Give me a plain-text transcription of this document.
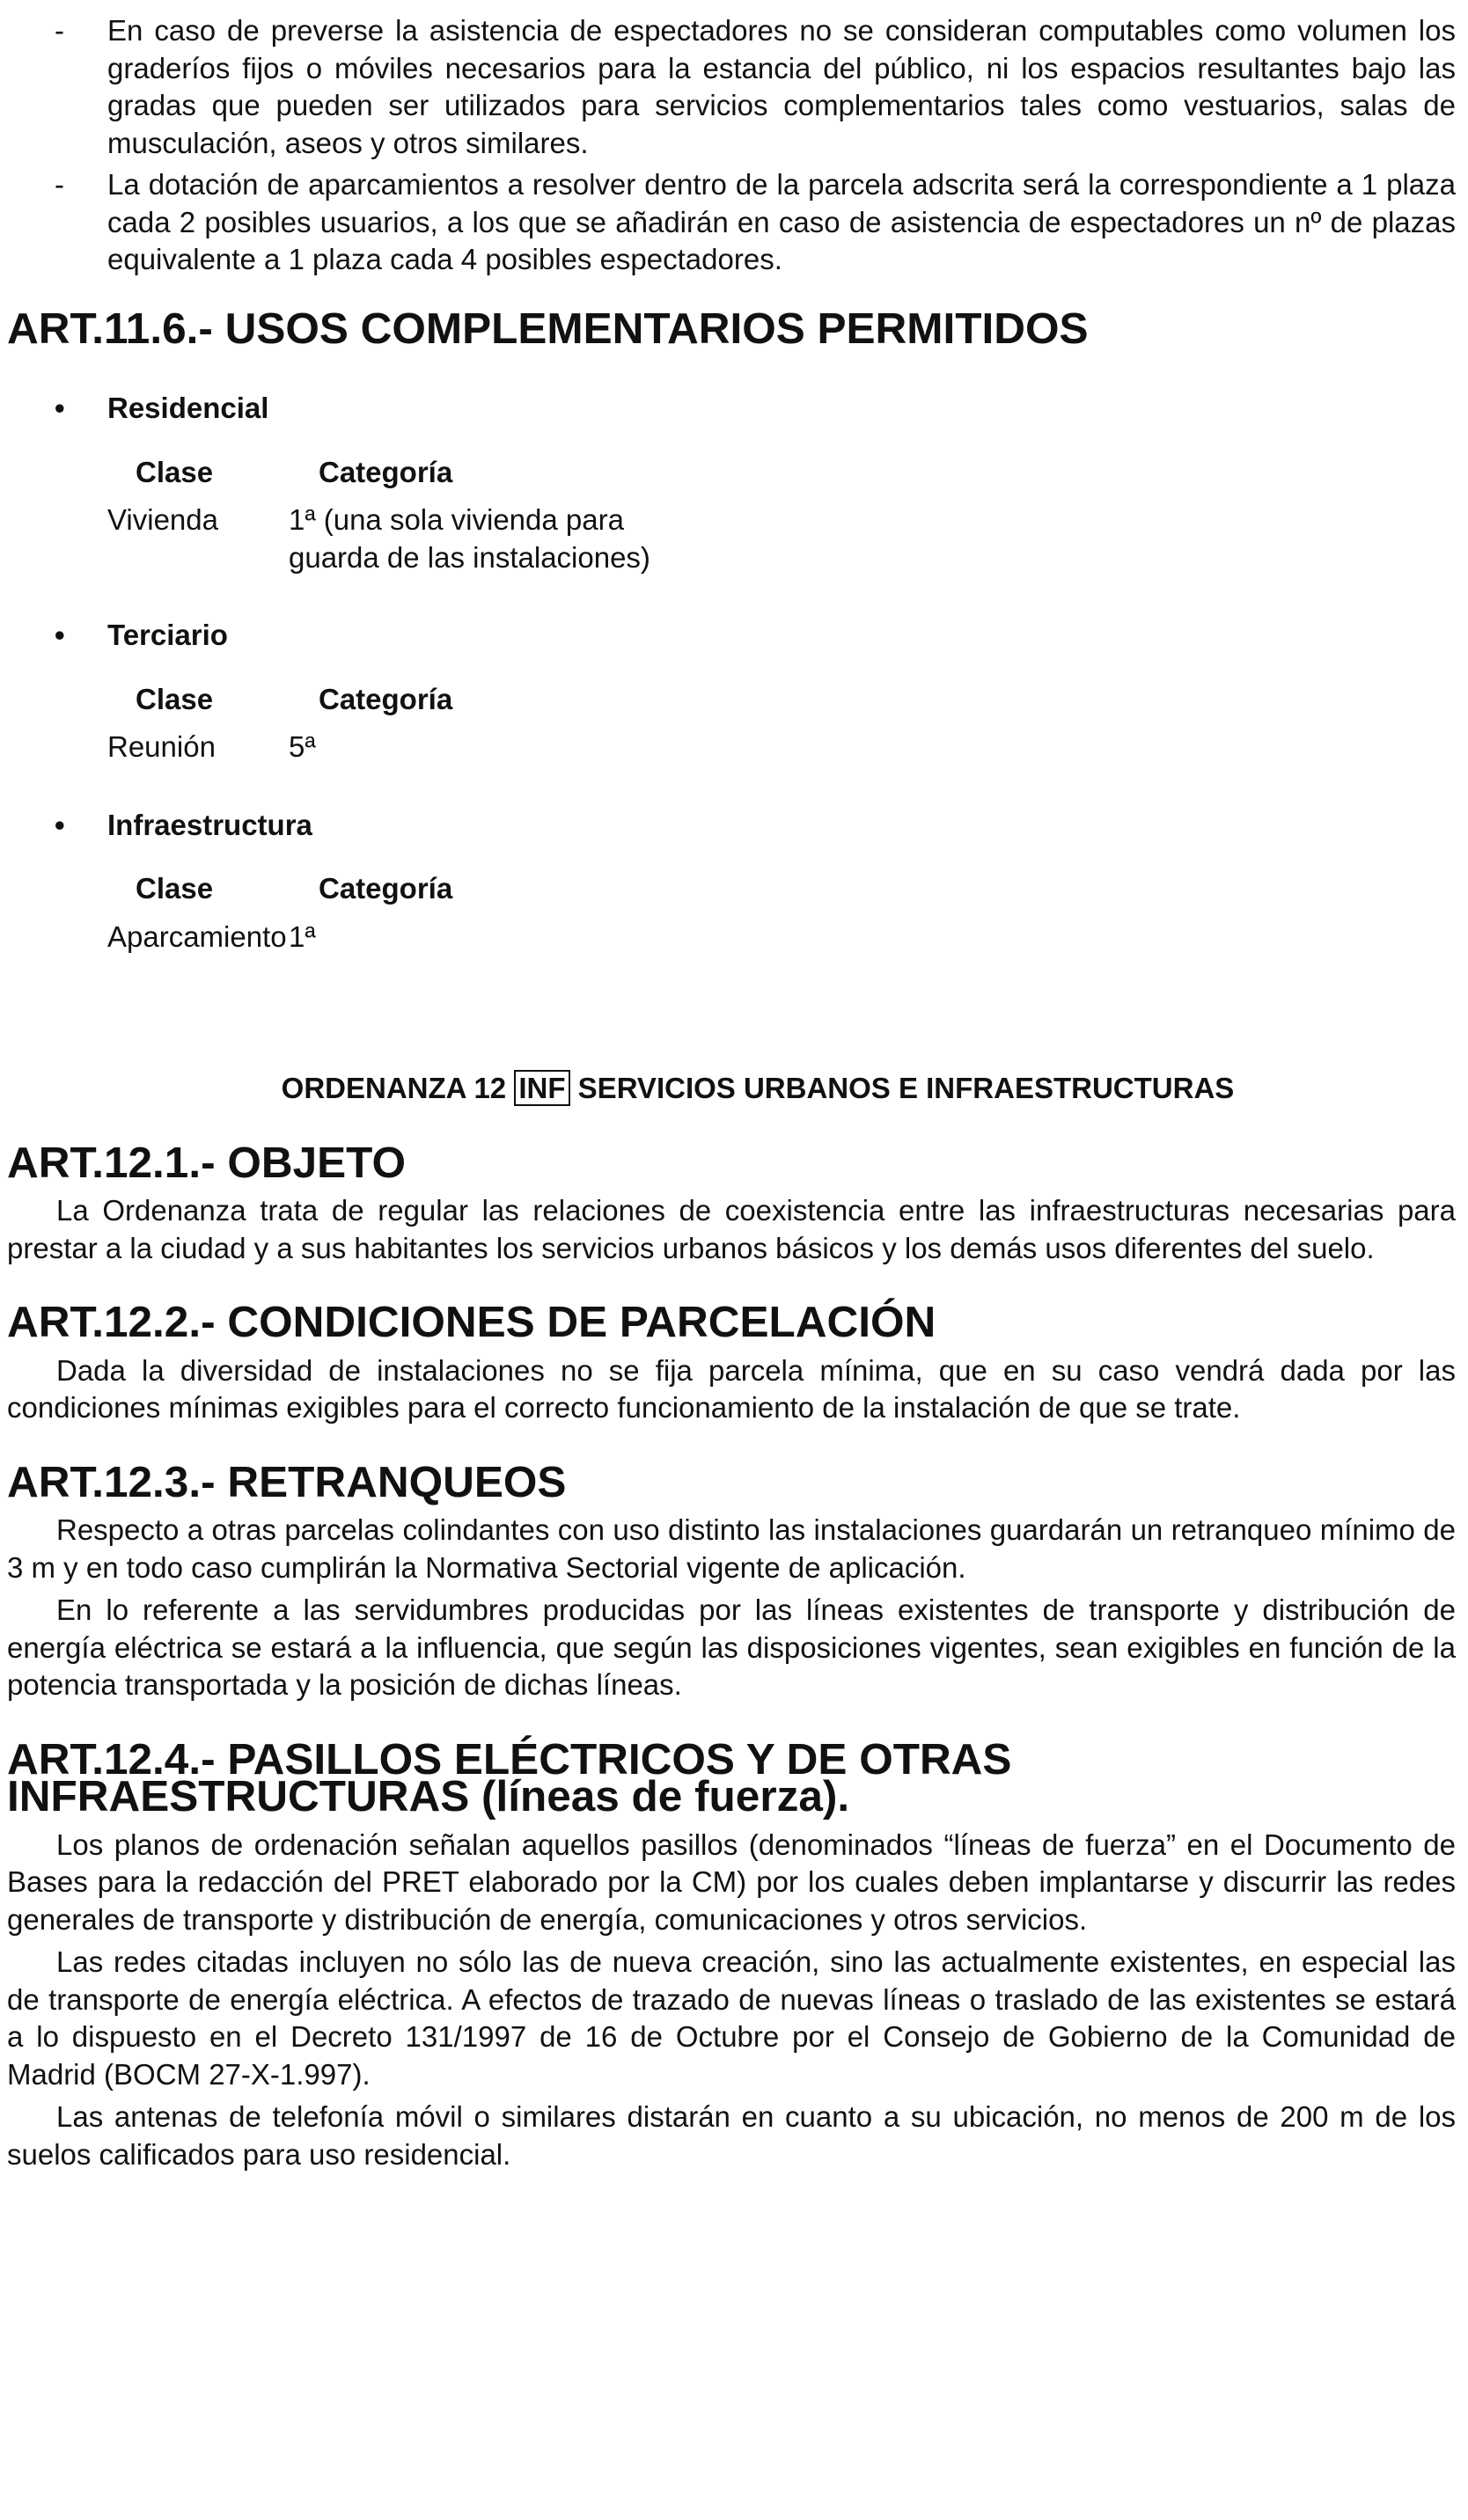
- En caso de preverse la asistencia de espectadores no se consideran computables como volumen los graderíos fijos o móviles necesarios para la estancia del público, ni los espacios resultantes bajo las gradas que pueden ser utilizados para servicios complementarios tales como vestuarios, salas de musculación, aseos y otros similares.

- La dotación de aparcamientos a resolver dentro de la parcela adscrita será la correspondiente a 1 plaza cada 2 posibles usuarios, a los que se añadirán en caso de asistencia de espectadores un nº de plazas equivalente a 1 plaza cada 4 posibles espectadores.

ART.11.6.- USOS COMPLEMENTARIOS PERMITIDOS
• Residencial
Clase	Categoría
Vivienda	1ª (una sola vivienda para
guarda de las instalaciones)
• Terciario
Clase	Categoría
Reunión	5ª
• Infraestructura
Clase	Categoría
Aparcamiento 1ª
ORDENANZA 12 INF SERVICIOS URBANOS E INFRAESTRUCTURAS
ART.12.1.- OBJETO

La Ordenanza trata de regular las relaciones de coexistencia entre las infraestructuras necesarias para prestar a la ciudad y a sus habitantes los servicios urbanos básicos y los demás usos diferentes del suelo.

ART.12.2.- CONDICIONES DE PARCELACIÓN

Dada la diversidad de instalaciones no se fija parcela mínima, que en su caso vendrá dada por las condiciones mínimas exigibles para el correcto funcionamiento de la instalación de que se trate.

ART.12.3.- RETRANQUEOS

Respecto a otras parcelas colindantes con uso distinto las instalaciones guardarán un retranqueo mínimo de 3 m y en todo caso cumplirán la Normativa Sectorial vigente de aplicación.

En lo referente a las servidumbres producidas por las líneas existentes de transporte y distribución de energía eléctrica se estará a la influencia, que según las disposiciones vigentes, sean exigibles en función de la potencia transportada y la posición de dichas líneas.

ART.12.4.- PASILLOS ELÉCTRICOS Y DE OTRAS INFRAESTRUCTURAS (líneas de fuerza).

Los planos de ordenación señalan aquellos pasillos (denominados “líneas de fuerza” en el Documento de Bases para la redacción del PRET elaborado por la CM) por los cuales deben implantarse y discurrir las redes generales de transporte y distribución de energía, comunicaciones y otros servicios.

Las redes citadas incluyen no sólo las de nueva creación, sino las actualmente existentes, en especial las de transporte de energía eléctrica. A efectos de trazado de nuevas líneas o traslado de las existentes se estará a lo dispuesto en el Decreto 131/1997 de 16 de Octubre por el Consejo de Gobierno de la Comunidad de Madrid (BOCM 27-X-1.997).

Las antenas de telefonía móvil o similares distarán en cuanto a su ubicación, no menos de 200 m de los suelos calificados para uso residencial.
